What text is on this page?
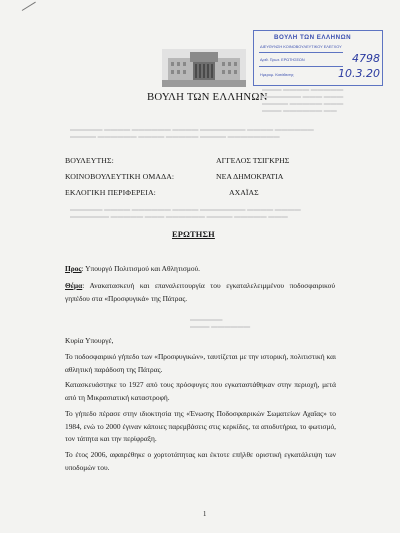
ΒΟΥΛΗ ΤΩΝ ΕΛΛΗΝΩΝ
ΒΟΥΛΗ ΤΩΝ ΕΛΛΗΝΩΝ
ΔΙΕΥΘΥΝΣΗ ΚΟΙΝΟΒΟΥΛΕΥΤΙΚΟΥ ΕΛΕΓΧΟΥ
Αριθ. Πρωτ. ΕΡΩΤΗΣΕΩΝ	4798
Ημερομ. Κατάθεσης	10.3.20
▬▬▬ ▬▬▬▬ ▬▬▬▬▬
▬▬▬▬▬▬ ▬▬▬ ▬▬▬
▬▬▬▬ ▬▬▬▬▬ ▬▬▬
▬▬▬ ▬▬▬▬▬▬ ▬▬
▬▬▬▬▬ ▬▬▬▬ ▬▬▬▬▬▬ ▬▬▬▬ ▬▬▬▬▬▬▬ ▬▬▬▬ ▬▬▬▬▬▬
▬▬▬▬ ▬▬▬▬▬▬ ▬▬▬▬ ▬▬▬▬▬ ▬▬▬▬ ▬▬▬▬▬▬▬▬
▬▬▬▬▬ ▬▬▬▬ ▬▬▬▬▬▬ ▬▬▬▬ ▬▬▬▬▬▬▬ ▬▬▬▬ ▬▬▬▬
▬▬▬▬▬▬ ▬▬▬▬▬ ▬▬▬ ▬▬▬▬▬▬ ▬▬▬▬ ▬▬▬▬▬ ▬▬▬
▬▬▬▬▬
▬▬▬ ▬▬▬▬▬▬
ΒΟΥΛΕΥΤΗΣ:	ΑΓΓΕΛΟΣ ΤΣΙΓΚΡΗΣ
ΚΟΙΝΟΒΟΥΛΕΥΤΙΚΗ ΟΜΑΔΑ:	ΝΕΑ ΔΗΜΟΚΡΑΤΙΑ
ΕΚΛΟΓΙΚΗ ΠΕΡΙΦΕΡΕΙΑ:	ΑΧΑΪΑΣ
ΕΡΩΤΗΣΗ
Προς: Υπουργό Πολιτισμού και Αθλητισμού.
Θέμα: Ανακατασκευή και επαναλειτουργία του εγκαταλελειμμένου ποδοσφαιρικού γηπέδου στα «Προσφυγικά» της Πάτρας.
Κυρία Υπουργέ,
Το ποδοσφαιρικό γήπεδο των «Προσφυγικών», ταυτίζεται με την ιστορική, πολιτιστική και αθλητική παράδοση της Πάτρας.
Κατασκευάστηκε το 1927 από τους πρόσφυγες που εγκαταστάθηκαν στην περιοχή, μετά από τη Μικρασιατική καταστροφή.
Το γήπεδο πέρασε στην ιδιοκτησία της «Ένωσης Ποδοσφαιρικών Σωματείων Αχαΐας» το 1984, ενώ το 2000 έγιναν κάποιες παρεμβάσεις στις κερκίδες, τα αποδυτήρια, το φωτισμό, τον τάπητα και την περίφραξη.
Το έτος 2006, αφαιρέθηκε ο χορτοτάπητας και έκτοτε επήλθε οριστική εγκατάλειψη των υποδομών του.
1
